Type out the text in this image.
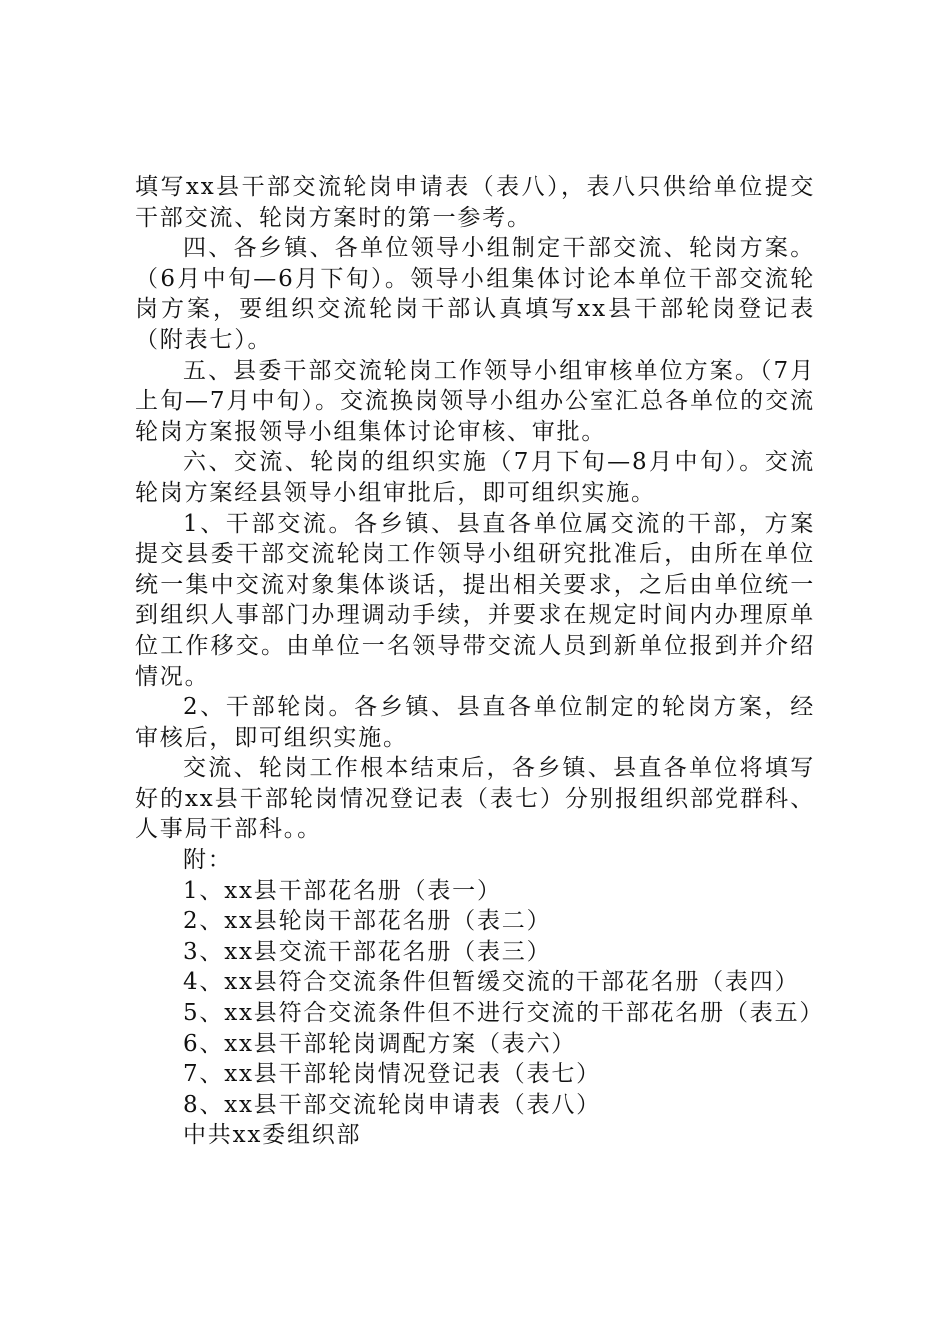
填写xx县干部交流轮岗申请表（表八），表八只供给单位提交干部交流、轮岗方案时的第一参考。

四、各乡镇、各单位领导小组制定干部交流、轮岗方案。（6月中旬—6月下旬）。领导小组集体讨论本单位干部交流轮岗方案，要组织交流轮岗干部认真填写xx县干部轮岗登记表（附表七）。

五、县委干部交流轮岗工作领导小组审核单位方案。（7月上旬—7月中旬）。交流换岗领导小组办公室汇总各单位的交流轮岗方案报领导小组集体讨论审核、审批。

六、交流、轮岗的组织实施（7月下旬—8月中旬）。交流轮岗方案经县领导小组审批后，即可组织实施。

1、干部交流。各乡镇、县直各单位属交流的干部，方案提交县委干部交流轮岗工作领导小组研究批准后，由所在单位统一集中交流对象集体谈话，提出相关要求，之后由单位统一到组织人事部门办理调动手续，并要求在规定时间内办理原单位工作移交。由单位一名领导带交流人员到新单位报到并介绍情况。

2、干部轮岗。各乡镇、县直各单位制定的轮岗方案，经审核后，即可组织实施。

交流、轮岗工作根本结束后，各乡镇、县直各单位将填写好的xx县干部轮岗情况登记表（表七）分别报组织部党群科、人事局干部科。。

附：

1、xx县干部花名册（表一）

2、xx县轮岗干部花名册（表二）

3、xx县交流干部花名册（表三）

4、xx县符合交流条件但暂缓交流的干部花名册（表四）

5、xx县符合交流条件但不进行交流的干部花名册（表五）

6、xx县干部轮岗调配方案（表六）

7、xx县干部轮岗情况登记表（表七）

8、xx县干部交流轮岗申请表（表八）

中共xx委组织部
